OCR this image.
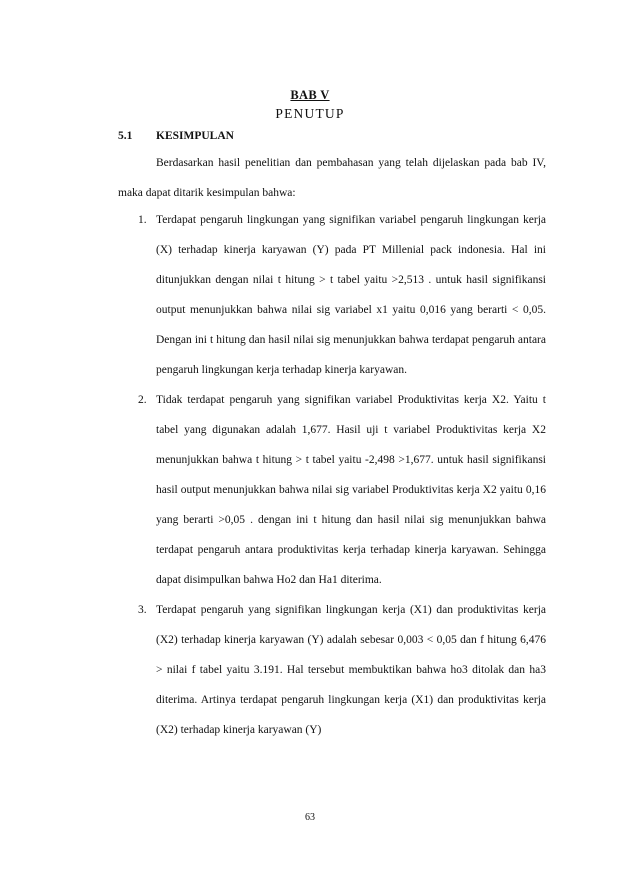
BAB V
PENUTUP
5.1 KESIMPULAN

Berdasarkan hasil penelitian dan pembahasan yang telah dijelaskan pada bab IV, maka dapat ditarik kesimpulan bahwa:

1. Terdapat pengaruh lingkungan yang signifikan variabel pengaruh lingkungan kerja (X) terhadap kinerja karyawan (Y) pada PT Millenial pack indonesia. Hal ini ditunjukkan dengan nilai t hitung > t tabel yaitu >2,513 . untuk hasil signifikansi output menunjukkan bahwa nilai sig variabel x1 yaitu 0,016 yang berarti < 0,05. Dengan ini t hitung dan hasil nilai sig menunjukkan bahwa terdapat pengaruh antara pengaruh lingkungan kerja terhadap kinerja karyawan.
2. Tidak terdapat pengaruh yang signifikan variabel Produktivitas kerja X2. Yaitu t tabel yang digunakan adalah 1,677. Hasil uji t variabel Produktivitas kerja X2 menunjukkan bahwa t hitung > t tabel yaitu -2,498 >1,677. untuk hasil signifikansi hasil output menunjukkan bahwa nilai sig variabel Produktivitas kerja X2 yaitu 0,16 yang berarti >0,05 . dengan ini t hitung dan hasil nilai sig menunjukkan bahwa terdapat pengaruh antara produktivitas kerja terhadap kinerja karyawan. Sehingga dapat disimpulkan bahwa Ho2 dan Ha1 diterima.
3. Terdapat pengaruh yang signifikan lingkungan kerja (X1) dan produktivitas kerja (X2) terhadap kinerja karyawan (Y) adalah sebesar 0,003 < 0,05 dan f hitung 6,476 > nilai f tabel yaitu 3.191. Hal tersebut membuktikan bahwa ho3 ditolak dan ha3 diterima. Artinya terdapat pengaruh lingkungan kerja (X1) dan produktivitas kerja (X2) terhadap kinerja karyawan (Y)
63
